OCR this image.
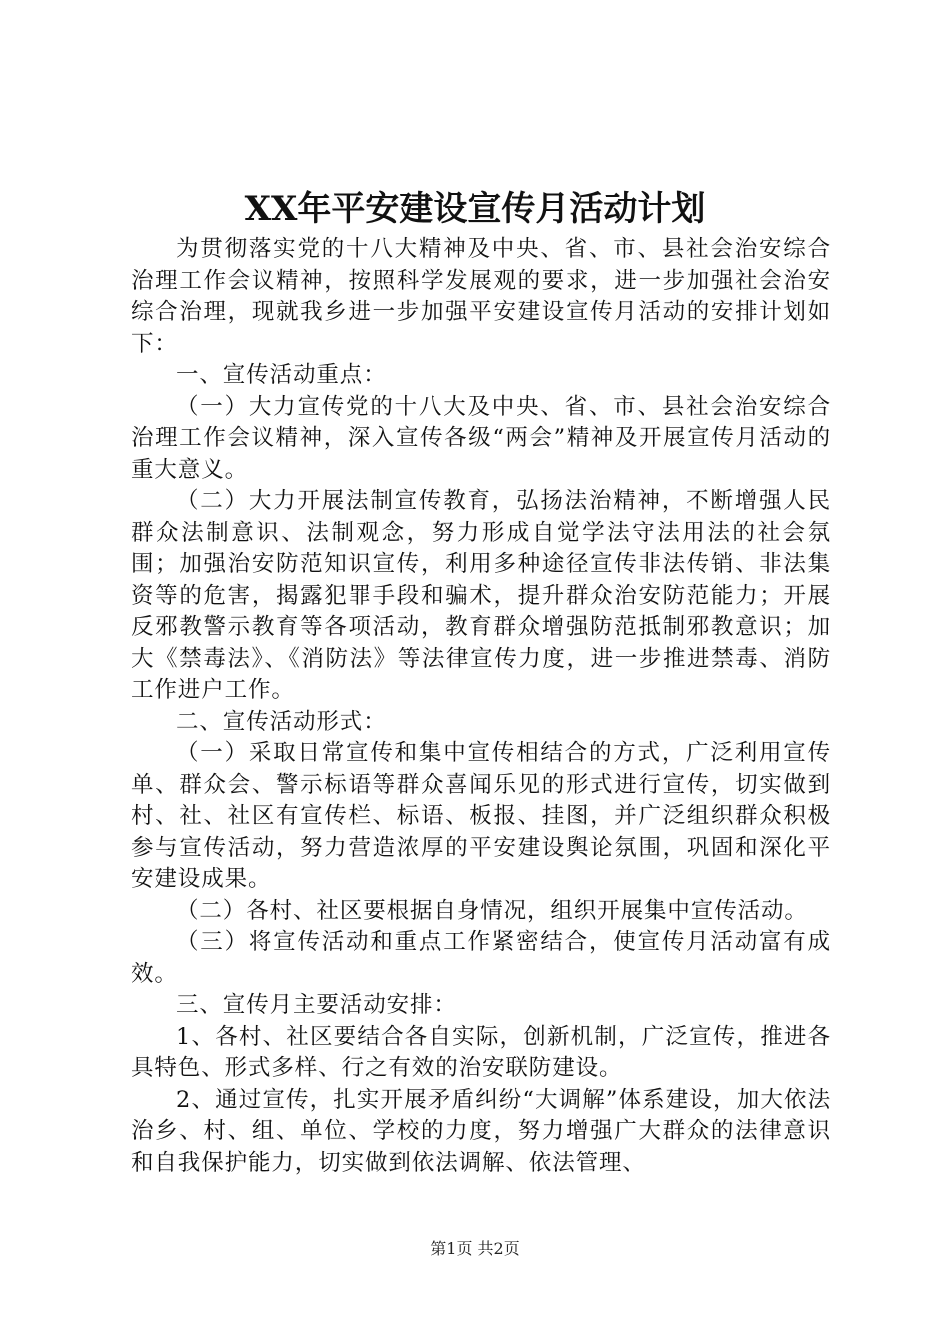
XX年平安建设宣传月活动计划

为贯彻落实党的十八大精神及中央、省、市、县社会治安综合治理工作会议精神，按照科学发展观的要求，进一步加强社会治安综合治理，现就我乡进一步加强平安建设宣传月活动的安排计划如下：

一、宣传活动重点：

（一）大力宣传党的十八大及中央、省、市、县社会治安综合治理工作会议精神，深入宣传各级“两会”精神及开展宣传月活动的重大意义。

（二）大力开展法制宣传教育，弘扬法治精神，不断增强人民群众法制意识、法制观念，努力形成自觉学法守法用法的社会氛围；加强治安防范知识宣传，利用多种途径宣传非法传销、非法集资等的危害，揭露犯罪手段和骗术，提升群众治安防范能力；开展反邪教警示教育等各项活动，教育群众增强防范抵制邪教意识；加大《禁毒法》、《消防法》等法律宣传力度，进一步推进禁毒、消防工作进户工作。

二、宣传活动形式：

（一）采取日常宣传和集中宣传相结合的方式，广泛利用宣传单、群众会、警示标语等群众喜闻乐见的形式进行宣传，切实做到村、社、社区有宣传栏、标语、板报、挂图，并广泛组织群众积极参与宣传活动，努力营造浓厚的平安建设舆论氛围，巩固和深化平安建设成果。

（二）各村、社区要根据自身情况，组织开展集中宣传活动。

（三）将宣传活动和重点工作紧密结合，使宣传月活动富有成效。

三、宣传月主要活动安排：

1、各村、社区要结合各自实际，创新机制，广泛宣传，推进各具特色、形式多样、行之有效的治安联防建设。

2、通过宣传，扎实开展矛盾纠纷“大调解”体系建设，加大依法治乡、村、组、单位、学校的力度，努力增强广大群众的法律意识和自我保护能力，切实做到依法调解、依法管理、

第1页 共2页
